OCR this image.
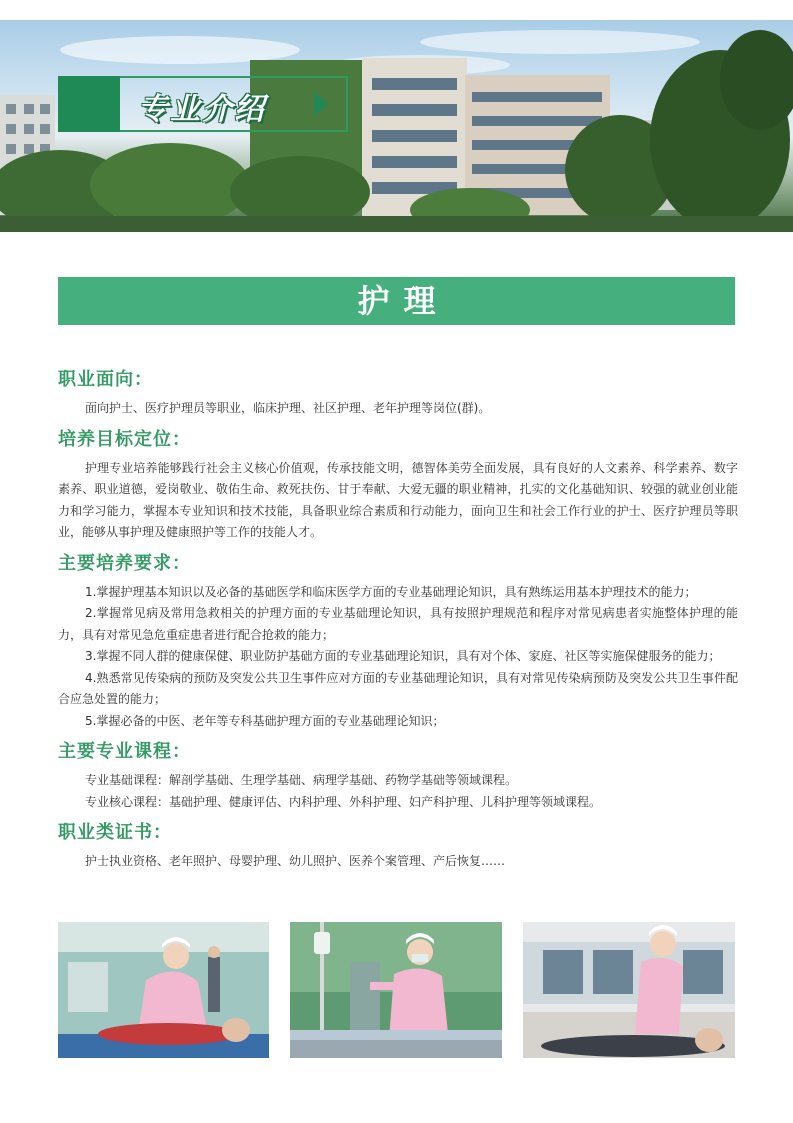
专业介绍
护理
职业面向：

面向护士、医疗护理员等职业，临床护理、社区护理、老年护理等岗位(群)。

培养目标定位：

护理专业培养能够践行社会主义核心价值观，传承技能文明，德智体美劳全面发展，具有良好的人文素养、科学素养、数字素养、职业道德，爱岗敬业、敬佑生命、救死扶伤、甘于奉献、大爱无疆的职业精神，扎实的文化基础知识、较强的就业创业能力和学习能力，掌握本专业知识和技术技能，具备职业综合素质和行动能力，面向卫生和社会工作行业的护士、医疗护理员等职业，能够从事护理及健康照护等工作的技能人才。

主要培养要求：

1.掌握护理基本知识以及必备的基础医学和临床医学方面的专业基础理论知识，具有熟练运用基本护理技术的能力；

2.掌握常见病及常用急救相关的护理方面的专业基础理论知识，具有按照护理规范和程序对常见病患者实施整体护理的能力，具有对常见急危重症患者进行配合抢救的能力；

3.掌握不同人群的健康保健、职业防护基础方面的专业基础理论知识，具有对个体、家庭、社区等实施保健服务的能力；

4.熟悉常见传染病的预防及突发公共卫生事件应对方面的专业基础理论知识，具有对常见传染病预防及突发公共卫生事件配合应急处置的能力；

5.掌握必备的中医、老年等专科基础护理方面的专业基础理论知识；

主要专业课程：

专业基础课程：解剖学基础、生理学基础、病理学基础、药物学基础等领域课程。

专业核心课程：基础护理、健康评估、内科护理、外科护理、妇产科护理、儿科护理等领域课程。

职业类证书：

护士执业资格、老年照护、母婴护理、幼儿照护、医养个案管理、产后恢复……
